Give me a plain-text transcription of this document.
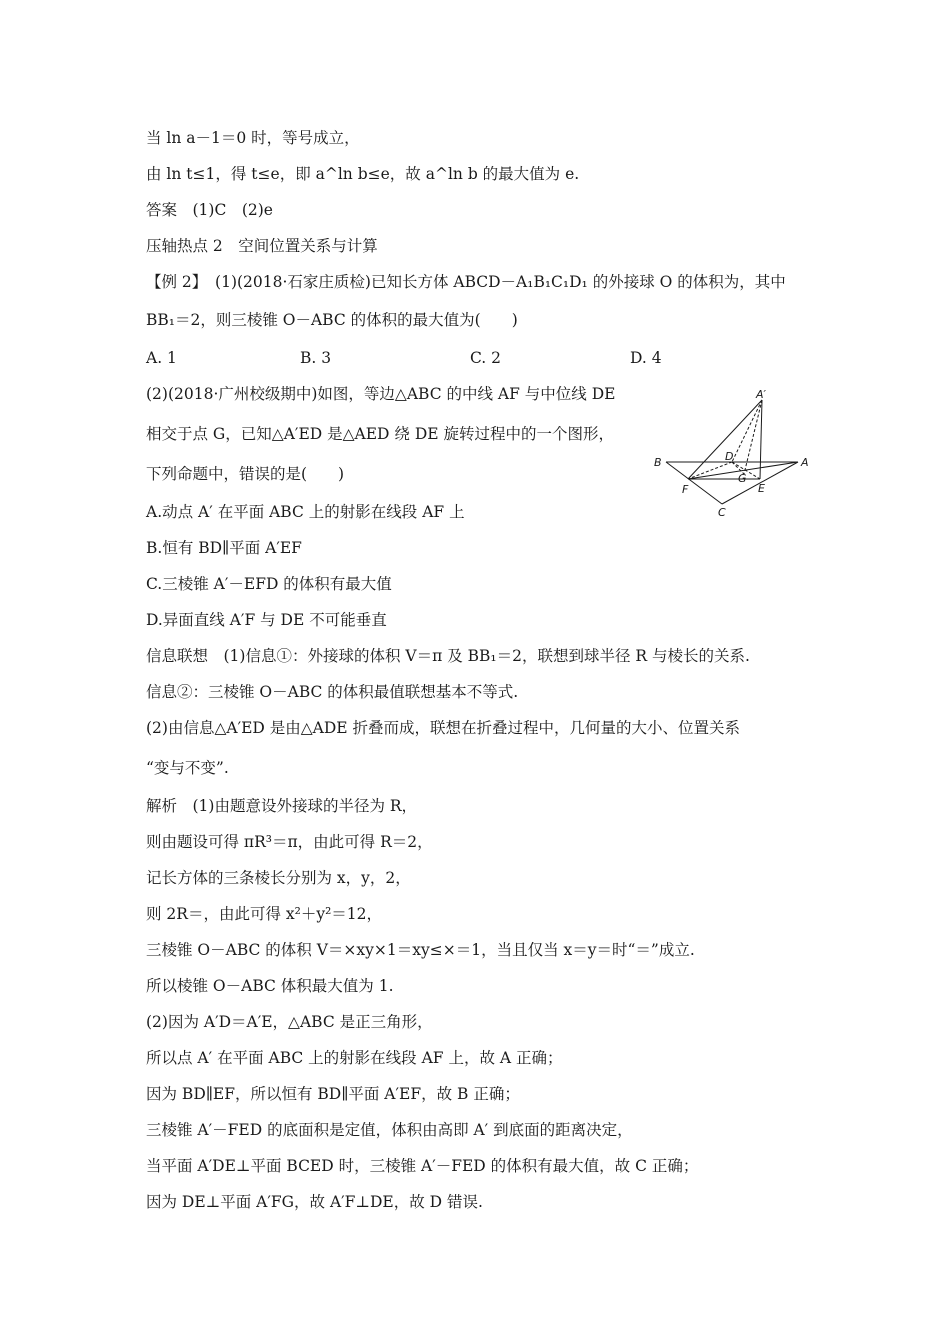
当 ln a－1＝0 时，等号成立，
由 ln t≤1，得 t≤e，即 a^ln b≤e，故 a^ln b 的最大值为 e.
答案　(1)C　(2)e
压轴热点 2　空间位置关系与计算
【例 2】　(1)(2018·石家庄质检)已知长方体 ABCD－A₁B₁C₁D₁ 的外接球 O 的体积为，其中
BB₁＝2，则三棱锥 O－ABC 的体积的最大值为(　　)
A. 1	B. 3	C. 2	D. 4
(2)(2018·广州校级期中)如图，等边△ABC 的中线 AF 与中位线 DE
相交于点 G，已知△A′ED 是△AED 绕 DE 旋转过程中的一个图形，
下列命题中，错误的是(　　)
A.动点 A′ 在平面 ABC 上的射影在线段 AF 上
B.恒有 BD∥平面 A′EF
C.三棱锥 A′－EFD 的体积有最大值
D.异面直线 A′F 与 DE 不可能垂直
信息联想　(1)信息①：外接球的体积 V＝π 及 BB₁＝2，联想到球半径 R 与棱长的关系.
信息②：三棱锥 O－ABC 的体积最值联想基本不等式.
(2)由信息△A′ED 是由△ADE 折叠而成，联想在折叠过程中，几何量的大小、位置关系
“变与不变”.
解析　(1)由题意设外接球的半径为 R，
则由题设可得 πR³＝π，由此可得 R＝2，
记长方体的三条棱长分别为 x，y，2，
则 2R＝，由此可得 x²＋y²＝12，
三棱锥 O－ABC 的体积 V＝×xy×1＝xy≤×＝1，当且仅当 x＝y＝时“＝”成立.
所以棱锥 O－ABC 体积最大值为 1.
(2)因为 A′D＝A′E，△ABC 是正三角形，
所以点 A′ 在平面 ABC 上的射影在线段 AF 上，故 A 正确；
因为 BD∥EF，所以恒有 BD∥平面 A′EF，故 B 正确；
三棱锥 A′－FED 的底面积是定值，体积由高即 A′ 到底面的距离决定，
当平面 A′DE⊥平面 BCED 时，三棱锥 A′－FED 的体积有最大值，故 C 正确；
因为 DE⊥平面 A′FG，故 A′F⊥DE，故 D 错误.
A′
B	A
D
G
F	E
C
